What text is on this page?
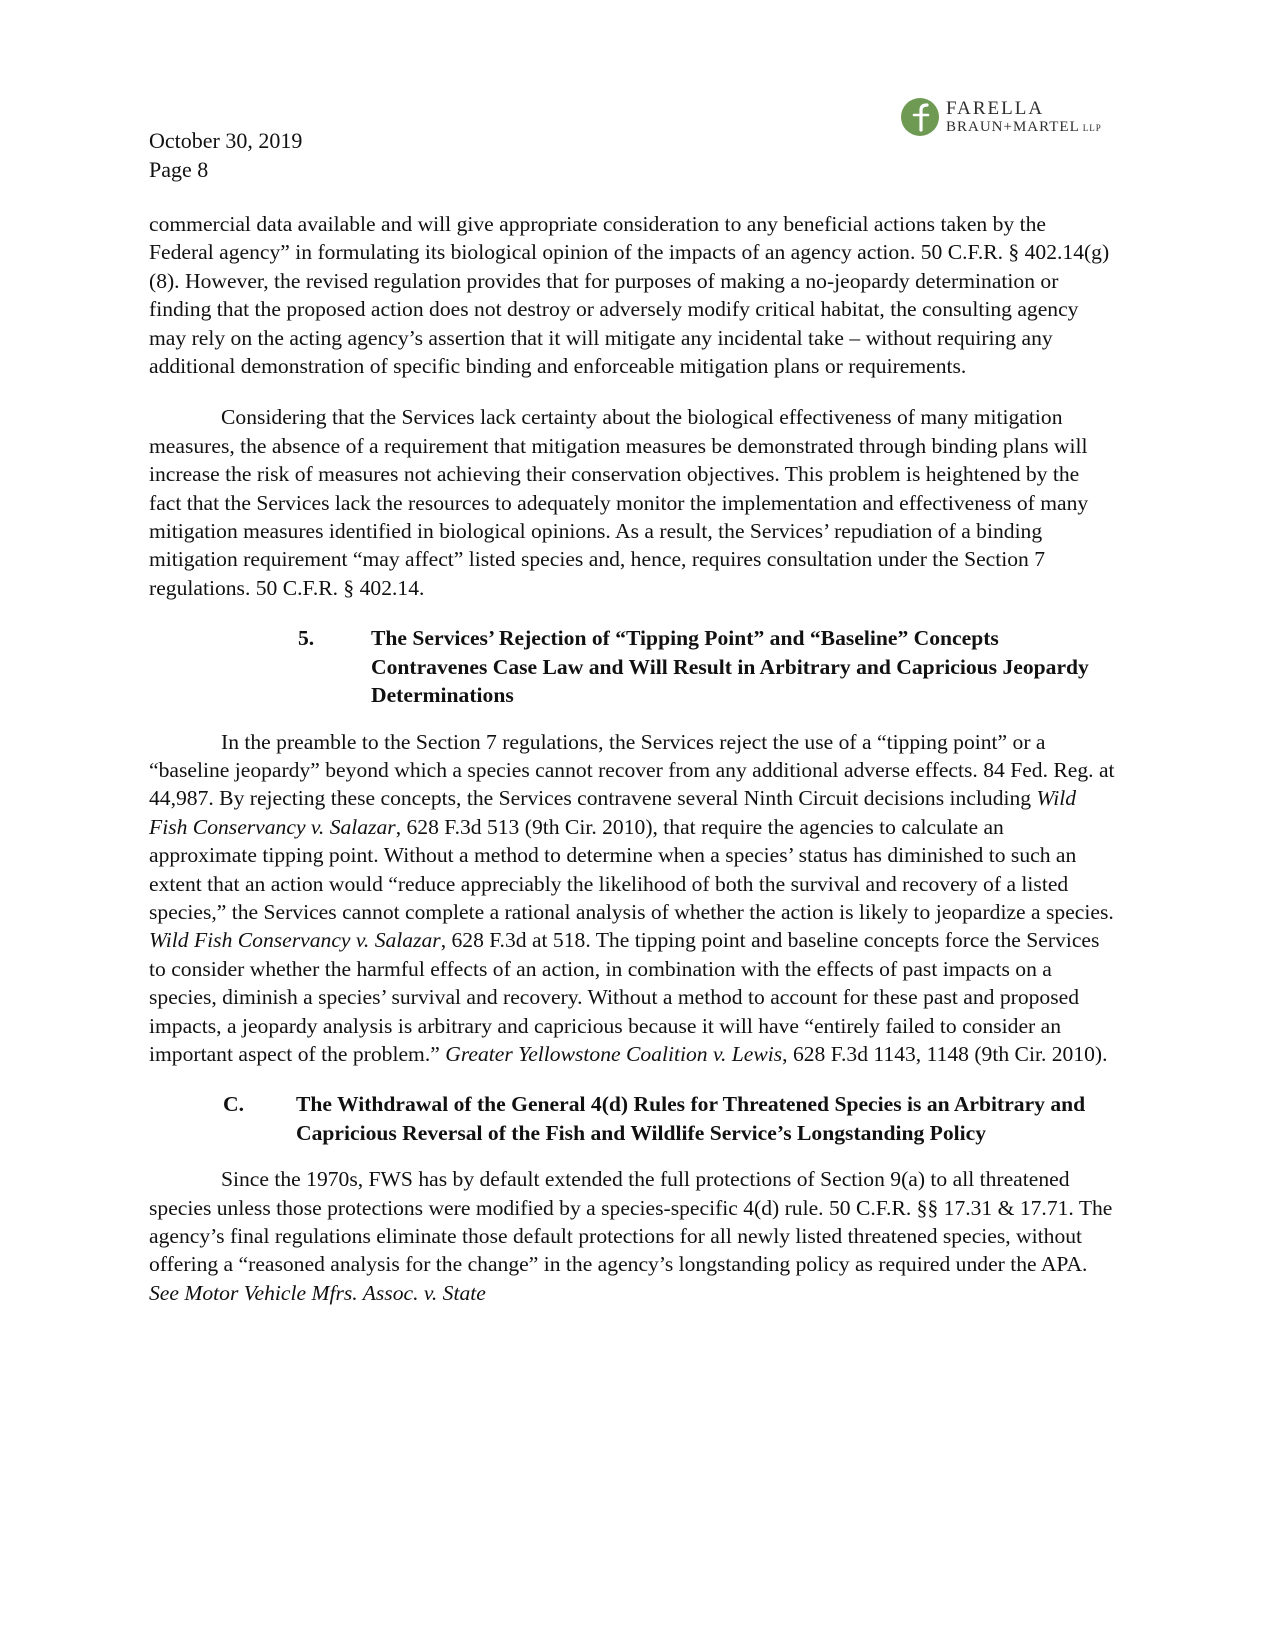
FARELLA
BRAUN+MARTEL LLP
October 30, 2019
Page 8

commercial data available and will give appropriate consideration to any beneficial actions taken by the Federal agency” in formulating its biological opinion of the impacts of an agency action. 50 C.F.R. § 402.14(g)(8). However, the revised regulation provides that for purposes of making a no-jeopardy determination or finding that the proposed action does not destroy or adversely modify critical habitat, the consulting agency may rely on the acting agency’s assertion that it will mitigate any incidental take – without requiring any additional demonstration of specific binding and enforceable mitigation plans or requirements.

Considering that the Services lack certainty about the biological effectiveness of many mitigation measures, the absence of a requirement that mitigation measures be demonstrated through binding plans will increase the risk of measures not achieving their conservation objectives. This problem is heightened by the fact that the Services lack the resources to adequately monitor the implementation and effectiveness of many mitigation measures identified in biological opinions. As a result, the Services’ repudiation of a binding mitigation requirement “may affect” listed species and, hence, requires consultation under the Section 7 regulations. 50 C.F.R. § 402.14.

5.	The Services’ Rejection of “Tipping Point” and “Baseline” Concepts Contravenes Case Law and Will Result in Arbitrary and Capricious Jeopardy Determinations

In the preamble to the Section 7 regulations, the Services reject the use of a “tipping point” or a “baseline jeopardy” beyond which a species cannot recover from any additional adverse effects. 84 Fed. Reg. at 44,987. By rejecting these concepts, the Services contravene several Ninth Circuit decisions including Wild Fish Conservancy v. Salazar, 628 F.3d 513 (9th Cir. 2010), that require the agencies to calculate an approximate tipping point. Without a method to determine when a species’ status has diminished to such an extent that an action would “reduce appreciably the likelihood of both the survival and recovery of a listed species,” the Services cannot complete a rational analysis of whether the action is likely to jeopardize a species. Wild Fish Conservancy v. Salazar, 628 F.3d at 518. The tipping point and baseline concepts force the Services to consider whether the harmful effects of an action, in combination with the effects of past impacts on a species, diminish a species’ survival and recovery. Without a method to account for these past and proposed impacts, a jeopardy analysis is arbitrary and capricious because it will have “entirely failed to consider an important aspect of the problem.” Greater Yellowstone Coalition v. Lewis, 628 F.3d 1143, 1148 (9th Cir. 2010).

C.	The Withdrawal of the General 4(d) Rules for Threatened Species is an Arbitrary and Capricious Reversal of the Fish and Wildlife Service’s Longstanding Policy

Since the 1970s, FWS has by default extended the full protections of Section 9(a) to all threatened species unless those protections were modified by a species-specific 4(d) rule. 50 C.F.R. §§ 17.31 & 17.71. The agency’s final regulations eliminate those default protections for all newly listed threatened species, without offering a “reasoned analysis for the change” in the agency’s longstanding policy as required under the APA. See Motor Vehicle Mfrs. Assoc. v. State
